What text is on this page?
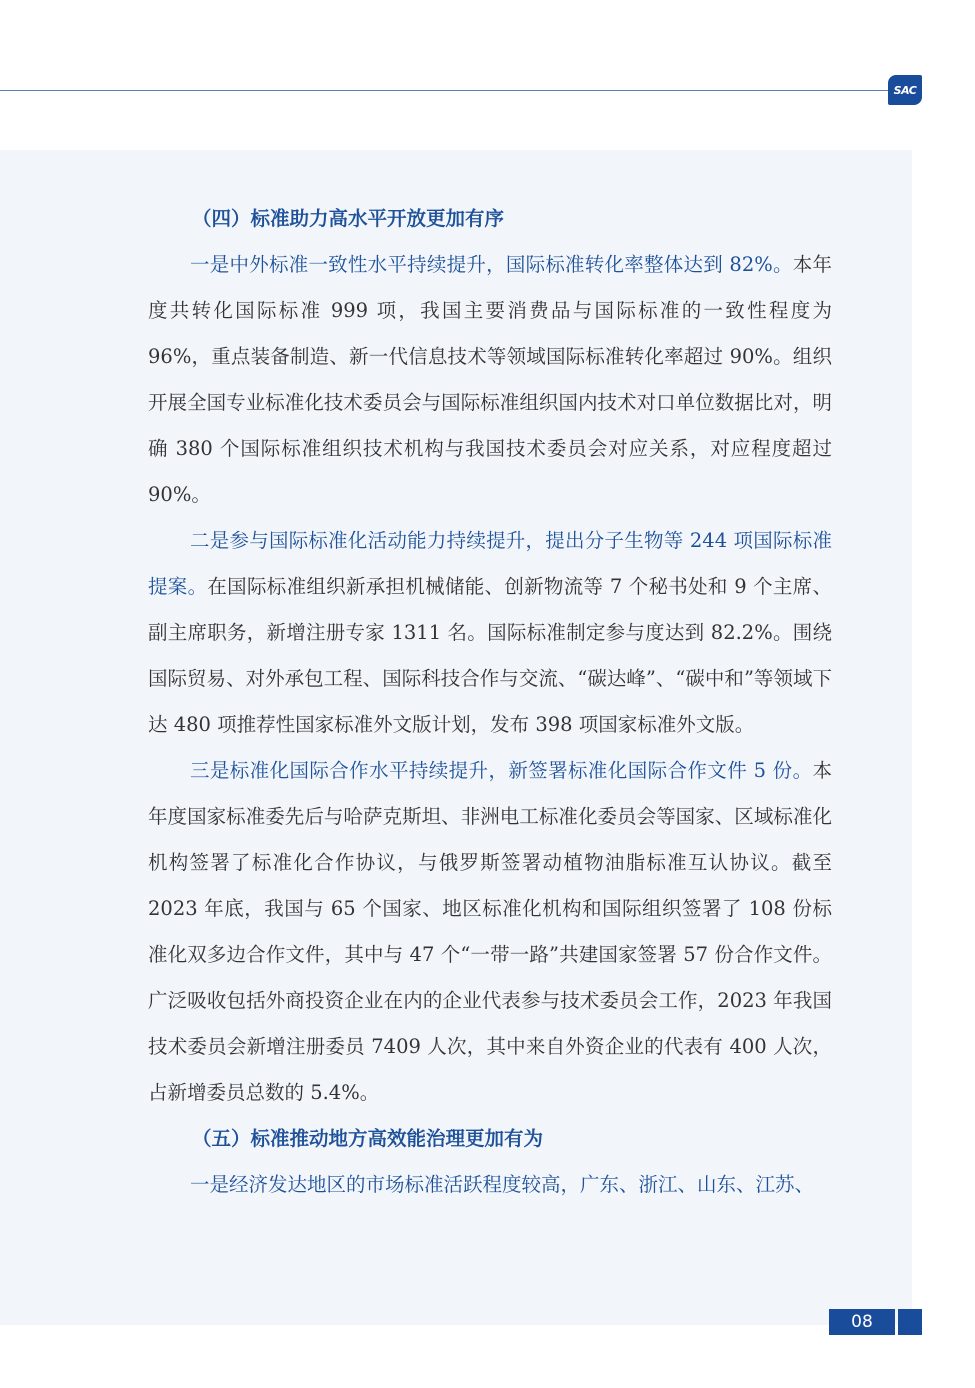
SAC
（四）标准助力高水平开放更加有序

一是中外标准一致性水平持续提升，国际标准转化率整体达到 82%。本年度共转化国际标准 999 项，我国主要消费品与国际标准的一致性程度为 96%，重点装备制造、新一代信息技术等领域国际标准转化率超过 90%。组织开展全国专业标准化技术委员会与国际标准组织国内技术对口单位数据比对，明确 380 个国际标准组织技术机构与我国技术委员会对应关系，对应程度超过 90%。

二是参与国际标准化活动能力持续提升，提出分子生物等 244 项国际标准提案。在国际标准组织新承担机械储能、创新物流等 7 个秘书处和 9 个主席、副主席职务，新增注册专家 1311 名。国际标准制定参与度达到 82.2%。围绕国际贸易、对外承包工程、国际科技合作与交流、“碳达峰”、“碳中和”等领域下达 480 项推荐性国家标准外文版计划，发布 398 项国家标准外文版。

三是标准化国际合作水平持续提升，新签署标准化国际合作文件 5 份。本年度国家标准委先后与哈萨克斯坦、非洲电工标准化委员会等国家、区域标准化机构签署了标准化合作协议，与俄罗斯签署动植物油脂标准互认协议。截至 2023 年底，我国与 65 个国家、地区标准化机构和国际组织签署了 108 份标准化双多边合作文件，其中与 47 个“一带一路”共建国家签署 57 份合作文件。广泛吸收包括外商投资企业在内的企业代表参与技术委员会工作，2023 年我国技术委员会新增注册委员 7409 人次，其中来自外资企业的代表有 400 人次，占新增委员总数的 5.4%。

（五）标准推动地方高效能治理更加有为

一是经济发达地区的市场标准活跃程度较高，广东、浙江、山东、江苏、

08
